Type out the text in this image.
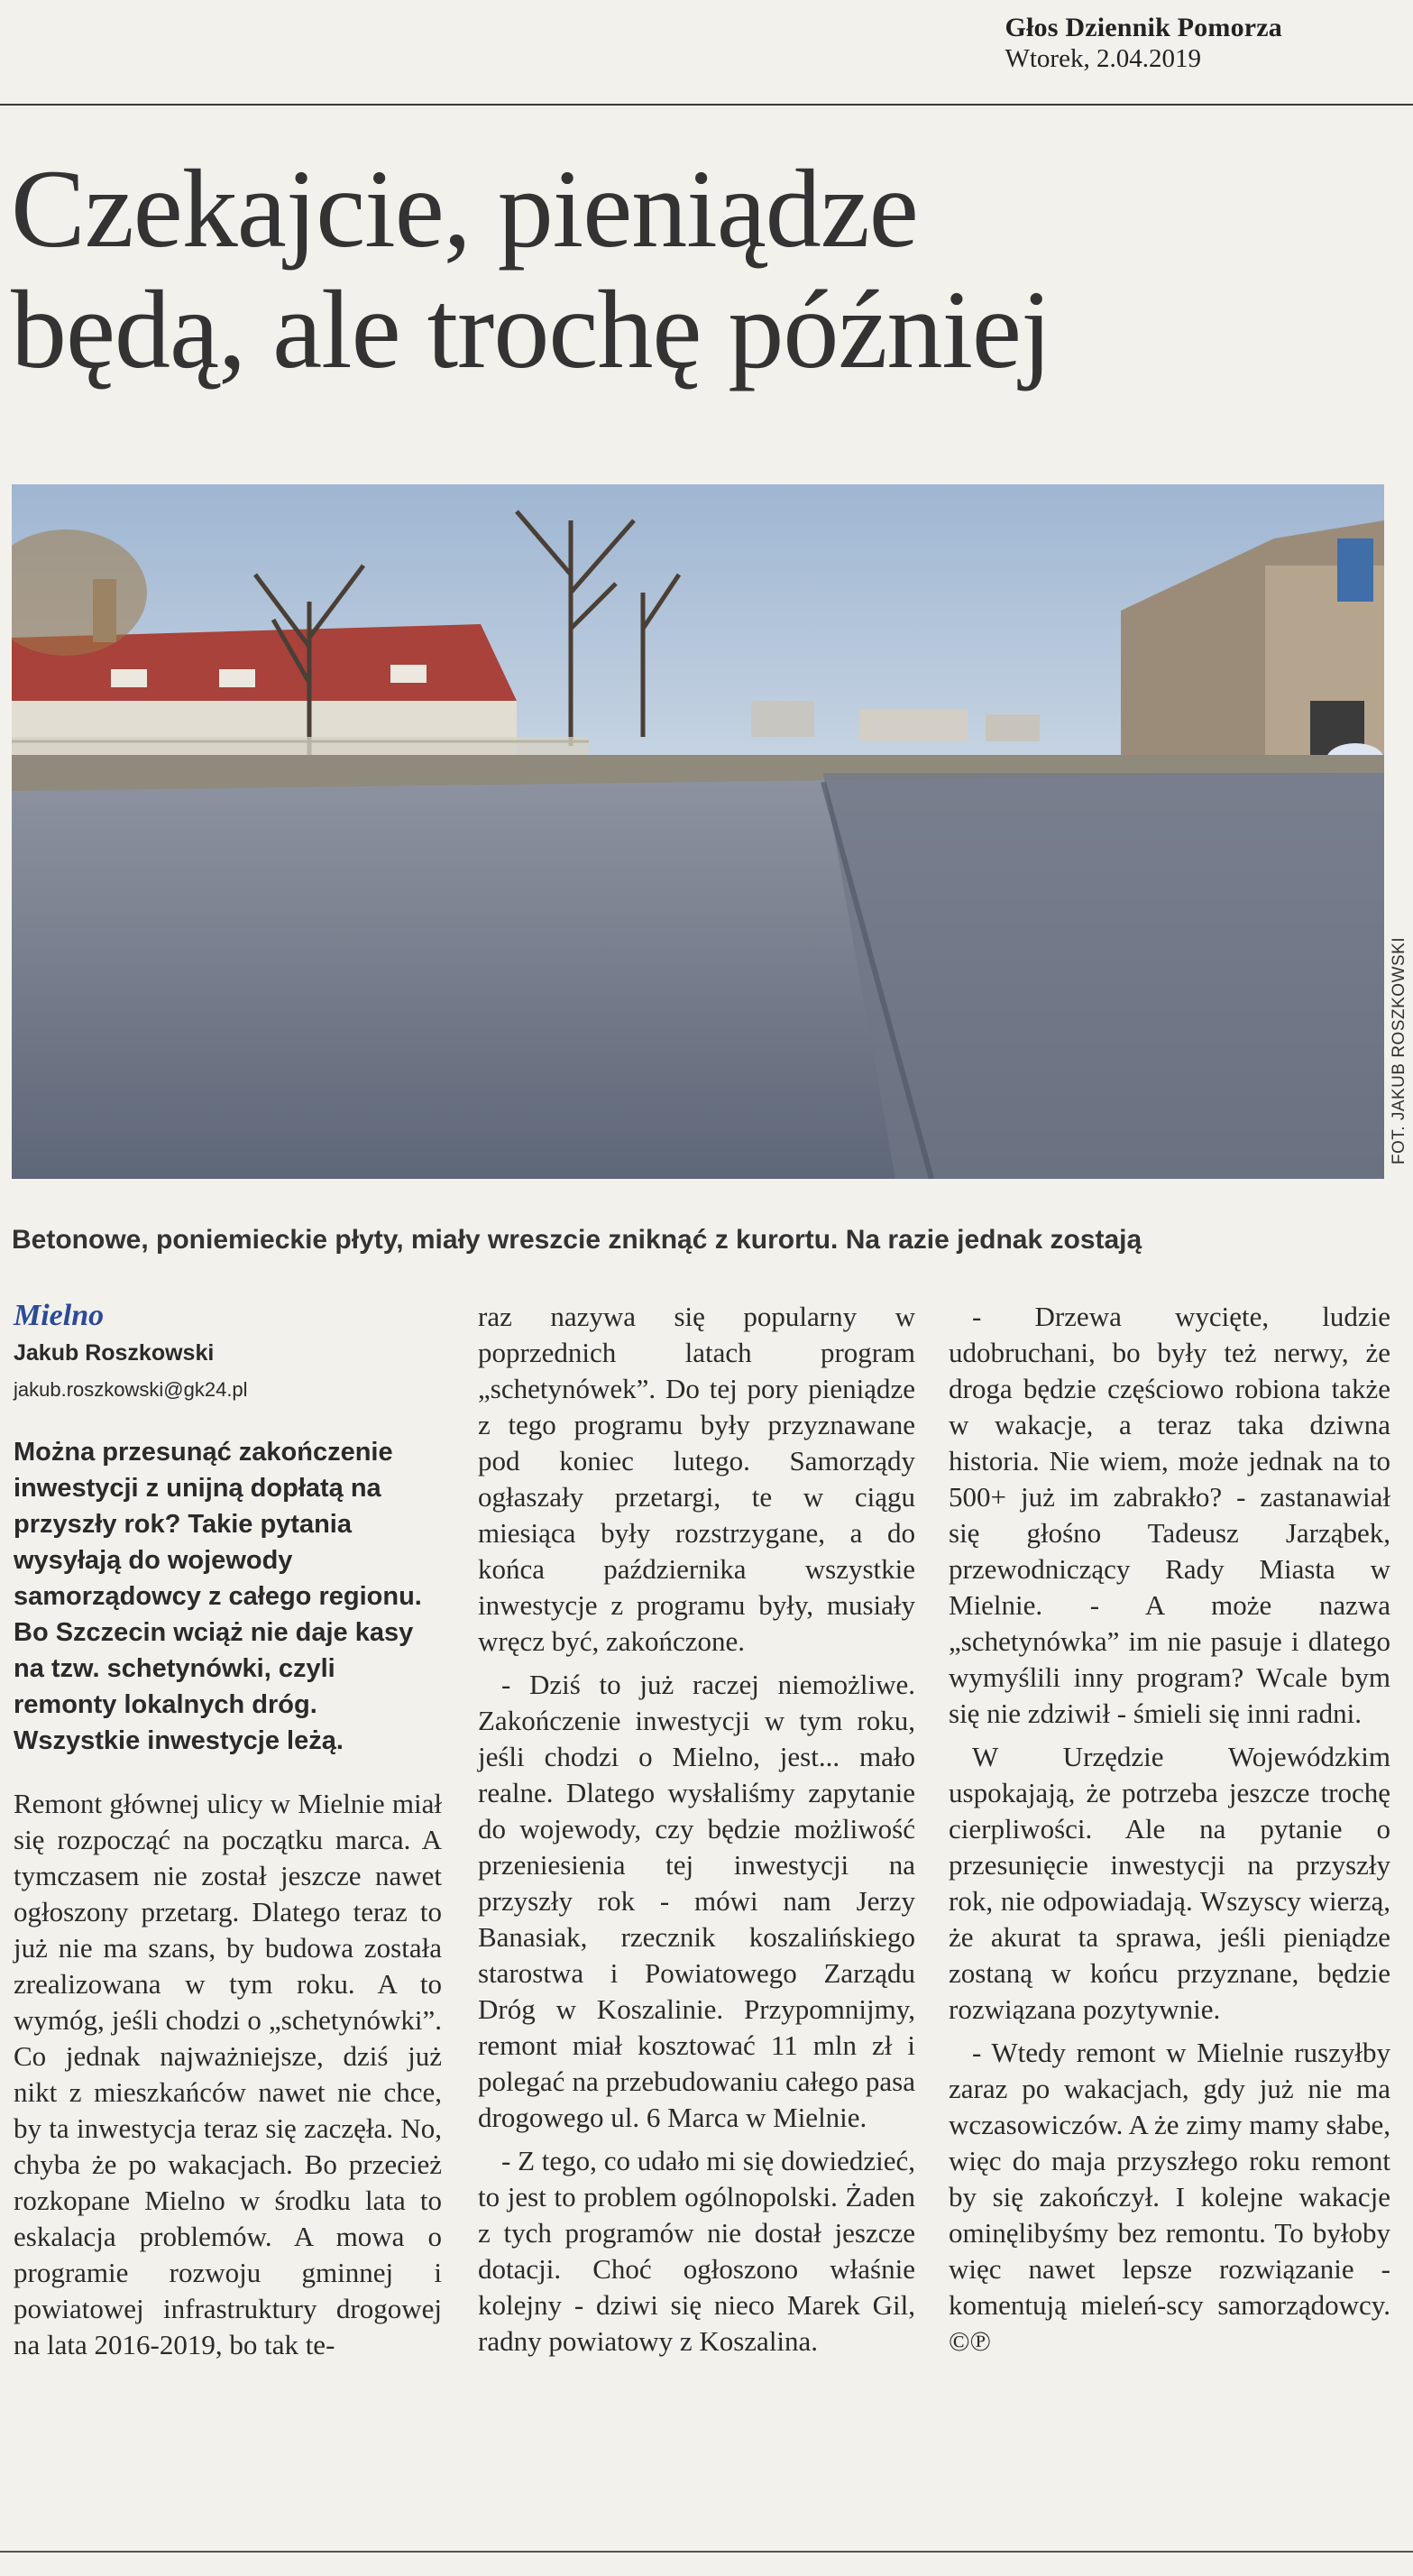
Głos Dziennik Pomorza
Wtorek, 2.04.2019
Czekajcie, pieniądze
będą, ale trochę później
FOT. JAKUB ROSZKOWSKI
Betonowe, poniemieckie płyty, miały wreszcie zniknąć z kurortu. Na razie jednak zostają
Mielno
Jakub Roszkowski
jakub.roszkowski@gk24.pl

Można przesunąć zakończenie inwestycji z unijną dopłatą na przyszły rok? Takie pytania wysyłają do wojewody samorządowcy z całego regionu. Bo Szczecin wciąż nie daje kasy na tzw. schetynówki, czyli remonty lokalnych dróg. Wszystkie inwestycje leżą.

Remont głównej ulicy w Mielnie miał się rozpocząć na początku marca. A tymczasem nie został jeszcze nawet ogłoszony przetarg. Dlatego teraz to już nie ma szans, by budowa została zrealizowana w tym roku. A to wymóg, jeśli chodzi o „schetynówki”. Co jednak najważniejsze, dziś już nikt z mieszkańców nawet nie chce, by ta inwestycja teraz się zaczęła. No, chyba że po wakacjach. Bo przecież rozkopane Mielno w środku lata to eskalacja problemów. A mowa o programie rozwoju gminnej i powiatowej infrastruktury drogowej na lata 2016-2019, bo tak te-

raz nazywa się popularny w poprzednich latach program „schetynówek”. Do tej pory pieniądze z tego programu były przyznawane pod koniec lutego. Samorządy ogłaszały przetargi, te w ciągu miesiąca były rozstrzygane, a do końca października wszystkie inwestycje z programu były, musiały wręcz być, zakończone.

- Dziś to już raczej niemożliwe. Zakończenie inwestycji w tym roku, jeśli chodzi o Mielno, jest... mało realne. Dlatego wysłaliśmy zapytanie do wojewody, czy będzie możliwość przeniesienia tej inwestycji na przyszły rok - mówi nam Jerzy Banasiak, rzecznik koszalińskiego starostwa i Powiatowego Zarządu Dróg w Koszalinie. Przypomnijmy, remont miał kosztować 11 mln zł i polegać na przebudowaniu całego pasa drogowego ul. 6 Marca w Mielnie.

- Z tego, co udało mi się dowiedzieć, to jest to problem ogólnopolski. Żaden z tych programów nie dostał jeszcze dotacji. Choć ogłoszono właśnie kolejny - dziwi się nieco Marek Gil, radny powiatowy z Koszalina.

- Drzewa wycięte, ludzie udobruchani, bo były też nerwy, że droga będzie częściowo robiona także w wakacje, a teraz taka dziwna historia. Nie wiem, może jednak na to 500+ już im zabrakło? - zastanawiał się głośno Tadeusz Jarząbek, przewodniczący Rady Miasta w Mielnie. - A może nazwa „schetynówka” im nie pasuje i dlatego wymyślili inny program? Wcale bym się nie zdziwił - śmieli się inni radni.

W Urzędzie Wojewódzkim uspokajają, że potrzeba jeszcze trochę cierpliwości. Ale na pytanie o przesunięcie inwestycji na przyszły rok, nie odpowiadają. Wszyscy wierzą, że akurat ta sprawa, jeśli pieniądze zostaną w końcu przyznane, będzie rozwiązana pozytywnie.

- Wtedy remont w Mielnie ruszyłby zaraz po wakacjach, gdy już nie ma wczasowiczów. A że zimy mamy słabe, więc do maja przyszłego roku remont by się zakończył. I kolejne wakacje ominęlibyśmy bez remontu. To byłoby więc nawet lepsze rozwiązanie - komentują mieleń-scy samorządowcy. ©℗
